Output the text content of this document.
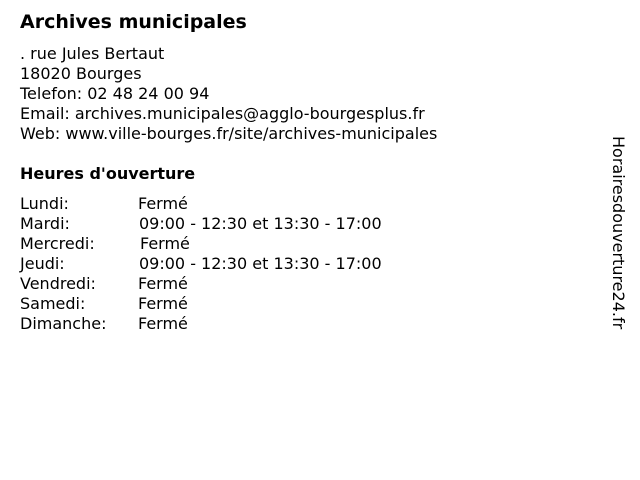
Archives municipales
. rue Jules Bertaut
18020 Bourges
Telefon: 02 48 24 00 94
Email: archives.municipales@agglo-bourgesplus.fr
Web: www.ville-bourges.fr/site/archives-municipales
Heures d'ouverture
Lundi:	Fermé
Mardi:	09:00 - 12:30 et 13:30 - 17:00
Mercredi:	Fermé
Jeudi:	09:00 - 12:30 et 13:30 - 17:00
Vendredi:	Fermé
Samedi:	Fermé
Dimanche: Fermé	Horairesdouverture24.fr
